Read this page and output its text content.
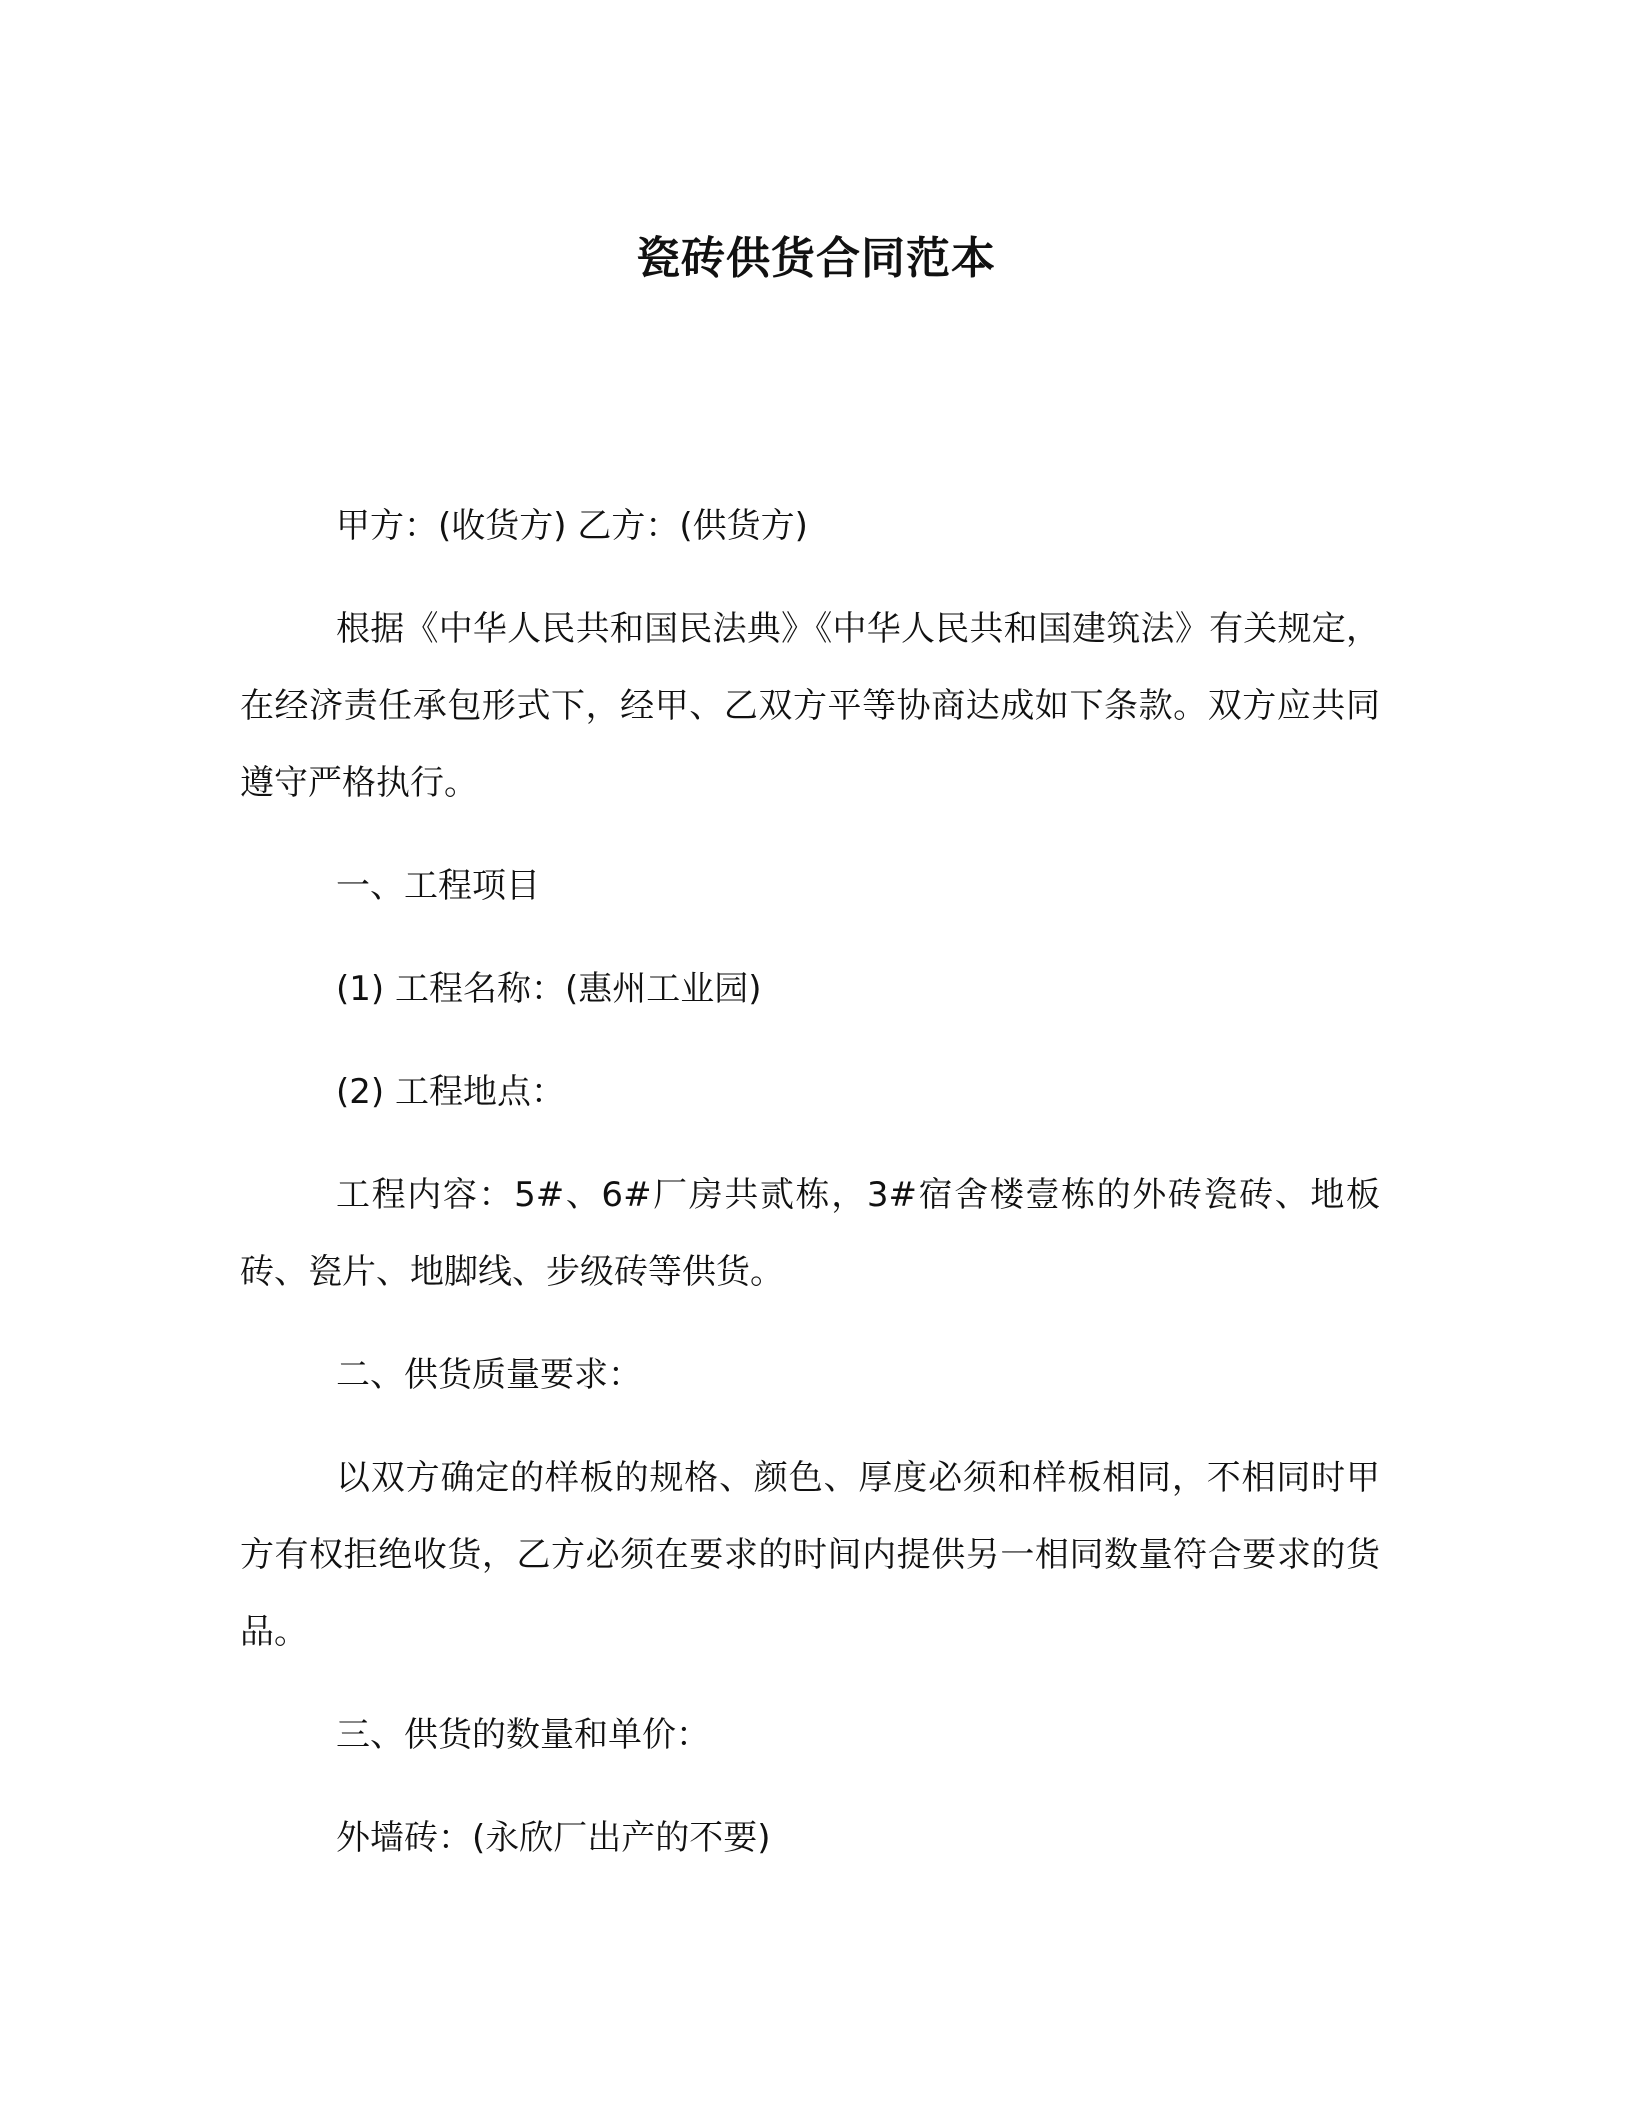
瓷砖供货合同范本

甲方：(收货方) 乙方：(供货方)

根据《中华人民共和国民法典》《中华人民共和国建筑法》有关规定，在经济责任承包形式下，经甲、乙双方平等协商达成如下条款。双方应共同遵守严格执行。

一、工程项目

(1) 工程名称：(惠州工业园)

(2) 工程地点：

工程内容：5#、6#厂房共贰栋，3#宿舍楼壹栋的外砖瓷砖、地板砖、瓷片、地脚线、步级砖等供货。

二、供货质量要求：

以双方确定的样板的规格、颜色、厚度必须和样板相同，不相同时甲方有权拒绝收货，乙方必须在要求的时间内提供另一相同数量符合要求的货品。

三、供货的数量和单价：

外墙砖：(永欣厂出产的不要)
